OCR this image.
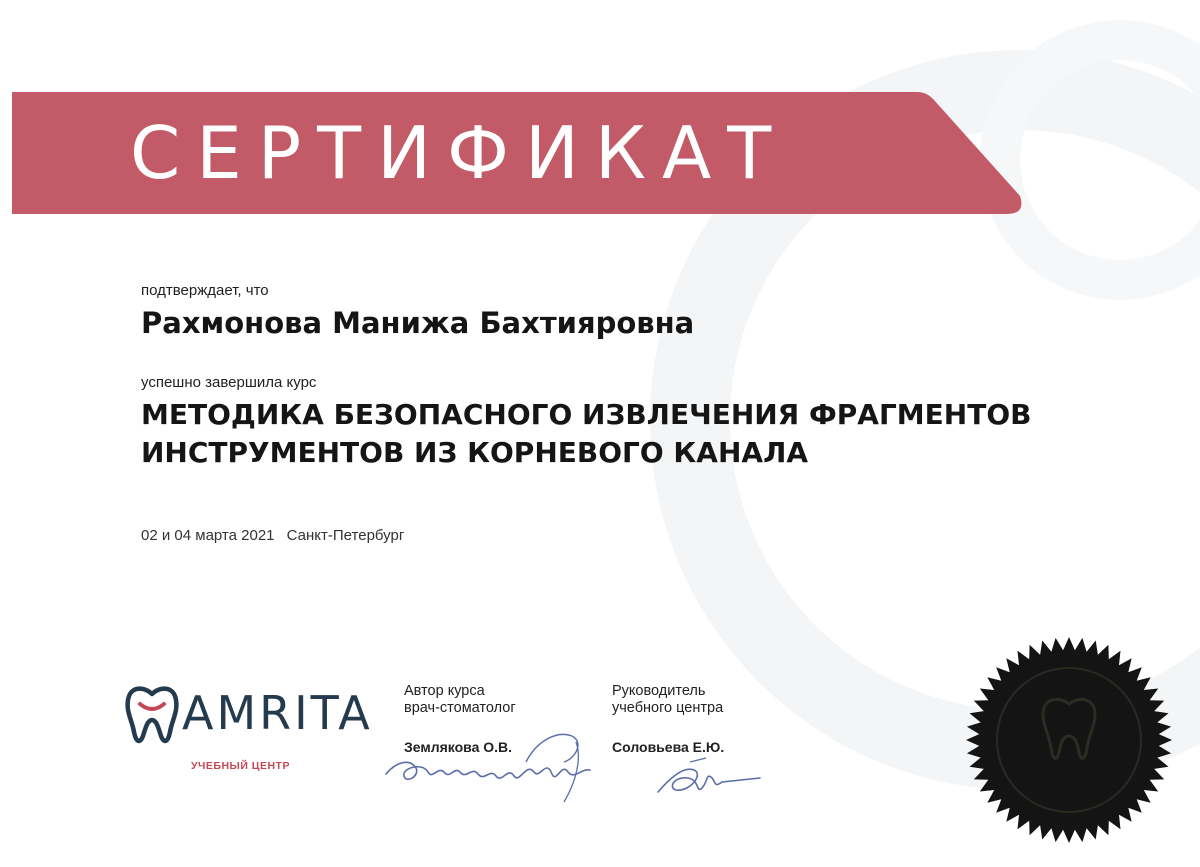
СЕРТИФИКАТ
подтверждает, что
Рахмонова Манижа Бахтияровна
успешно завершила курс
МЕТОДИКА БЕЗОПАСНОГО ИЗВЛЕЧЕНИЯ ФРАГМЕНТОВ
ИНСТРУМЕНТОВ ИЗ КОРНЕВОГО КАНАЛА
02 и 04 марта 2021 Санкт-Петербург
AMRITA
УЧЕБНЫЙ ЦЕНТР
Автор курса
врач-стоматолог
Землякова О.В.
Руководитель
учебного центра
Соловьева Е.Ю.
